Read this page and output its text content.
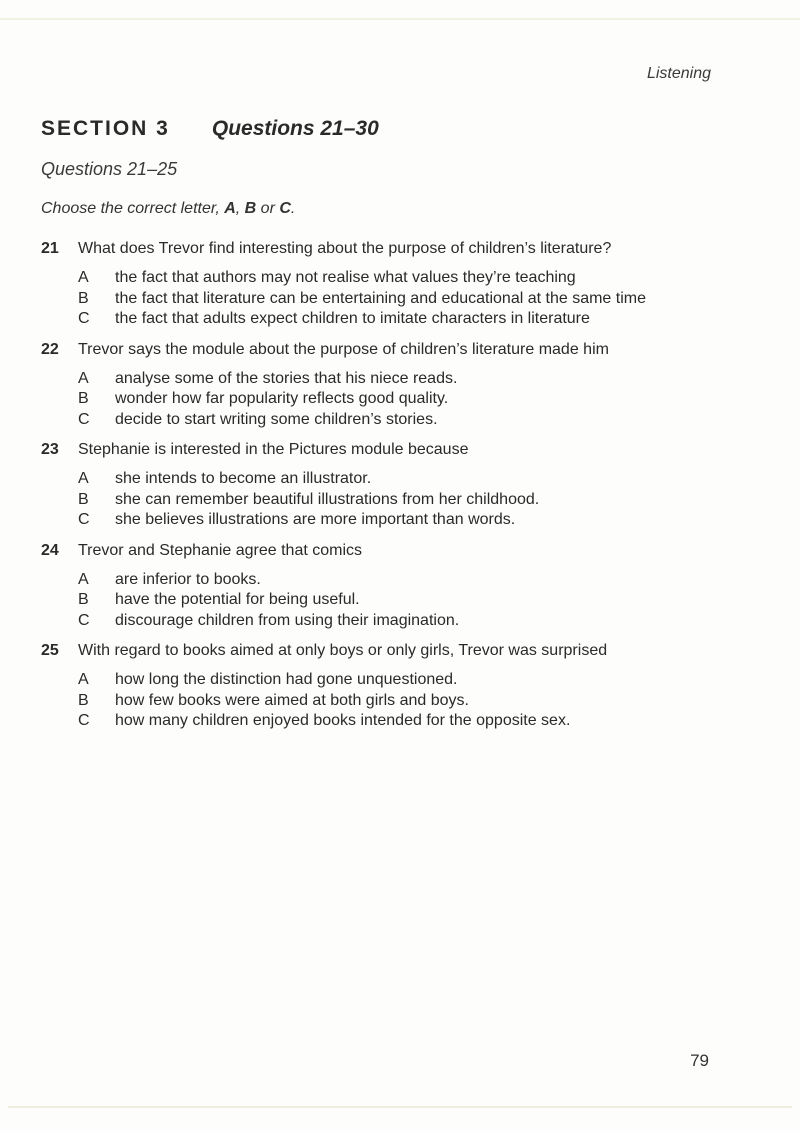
Listening
SECTION 3 Questions 21–30
Questions 21–25
Choose the correct letter, A, B or C.
21	What does Trevor find interesting about the purpose of children’s literature?
A	the fact that authors may not realise what values they’re teaching
B	the fact that literature can be entertaining and educational at the same time
C	the fact that adults expect children to imitate characters in literature
22	Trevor says the module about the purpose of children’s literature made him
A	analyse some of the stories that his niece reads.
B	wonder how far popularity reflects good quality.
C	decide to start writing some children’s stories.
23	Stephanie is interested in the Pictures module because
A	she intends to become an illustrator.
B	she can remember beautiful illustrations from her childhood.
C	she believes illustrations are more important than words.
24	Trevor and Stephanie agree that comics
A	are inferior to books.
B	have the potential for being useful.
C	discourage children from using their imagination.
25	With regard to books aimed at only boys or only girls, Trevor was surprised
A	how long the distinction had gone unquestioned.
B	how few books were aimed at both girls and boys.
C	how many children enjoyed books intended for the opposite sex.
79
